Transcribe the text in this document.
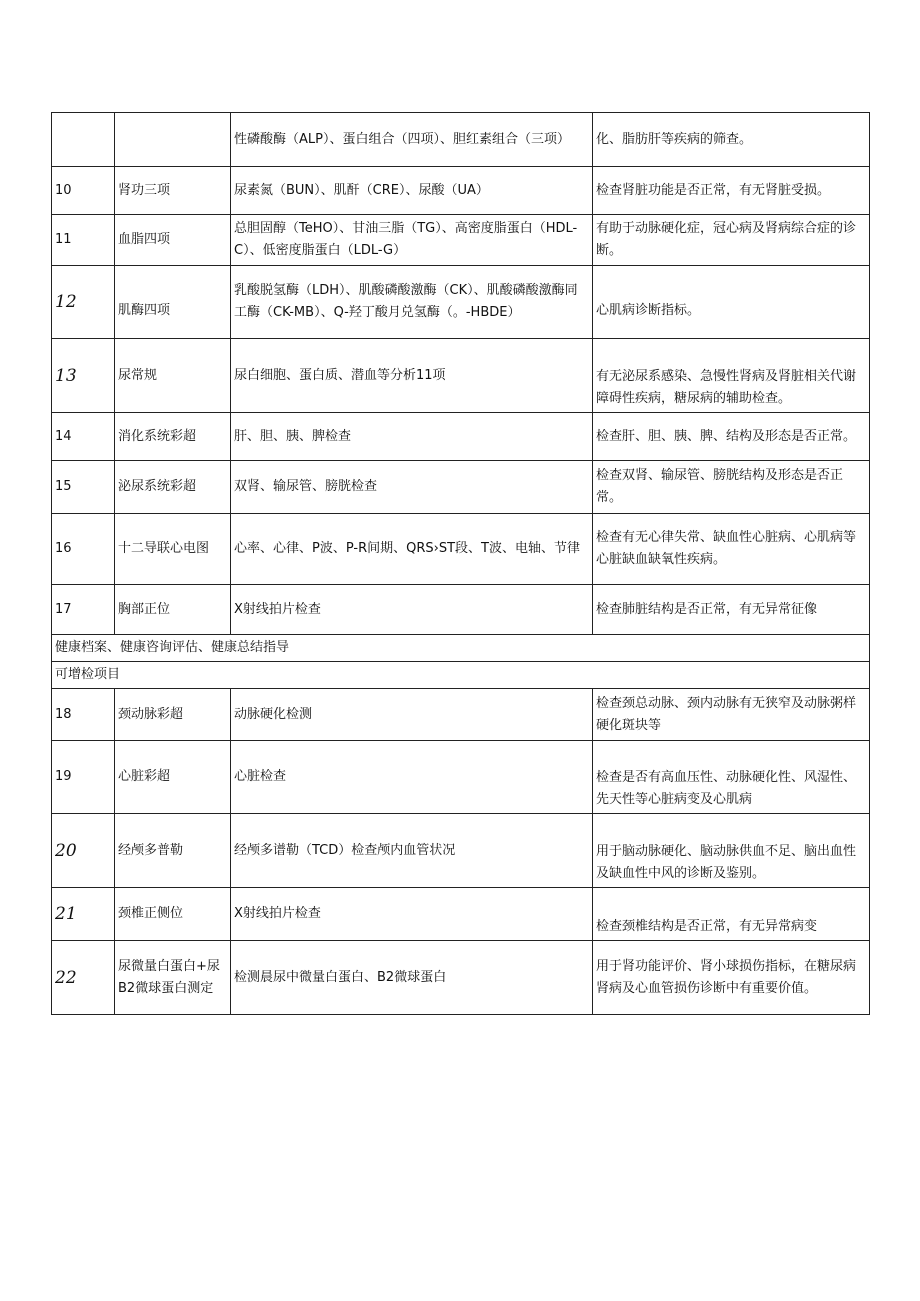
		性磷酸酶（ALP）、蛋白组合（四项）、胆红素组合（三项）	化、脂肪肝等疾病的筛查。
10	肾功三项	尿素氮（BUN）、肌酐（CRE）、尿酸（UA）	检查肾脏功能是否正常，有无肾脏受损。
11	血脂四项	总胆固醇（TeHO）、甘油三脂（TG）、高密度脂蛋白（HDL-C）、低密度脂蛋白（LDL-G）	有助于动脉硬化症，冠心病及肾病综合症的诊断。
12	肌酶四项	乳酸脱氢酶（LDH）、肌酸磷酸激酶（CK）、肌酸磷酸激酶同工酶（CK-MB）、Q-羟丁酸月兑氢酶（。-HBDE）	心肌病诊断指标。
13	尿常规	尿白细胞、蛋白质、潜血等分析11项	有无泌尿系感染、急慢性肾病及肾脏相关代谢障碍性疾病，糖尿病的辅助检查。
14	消化系统彩超	肝、胆、胰、脾检查	检查肝、胆、胰、脾、结构及形态是否正常。
15	泌尿系统彩超	双肾、输尿管、膀胱检查	检查双肾、输尿管、膀胱结构及形态是否正常。
16	十二导联心电图	心率、心律、P波、P-R间期、QRS›ST段、T波、电轴、节律	检查有无心律失常、缺血性心脏病、心肌病等心脏缺血缺氧性疾病。
17	胸部正位	X射线拍片检查	检查肺脏结构是否正常，有无异常征像
健康档案、健康咨询评估、健康总结指导			
可增检项目			
18	颈动脉彩超	动脉硬化检测	检查颈总动脉、颈内动脉有无狭窄及动脉粥样硬化斑块等
19	心脏彩超	心脏检查	检查是否有高血压性、动脉硬化性、风湿性、先天性等心脏病变及心肌病
20	经颅多普勒	经颅多谱勒（TCD）检查颅内血管状况	用于脑动脉硬化、脑动脉供血不足、脑出血性及缺血性中风的诊断及鉴别。
21	颈椎正侧位	X射线拍片检查	检查颈椎结构是否正常，有无异常病变
22	尿微量白蛋白+尿B2微球蛋白测定	检测晨尿中微量白蛋白、B2微球蛋白	用于肾功能评价、肾小球损伤指标，在糖尿病肾病及心血管损伤诊断中有重要价值。
